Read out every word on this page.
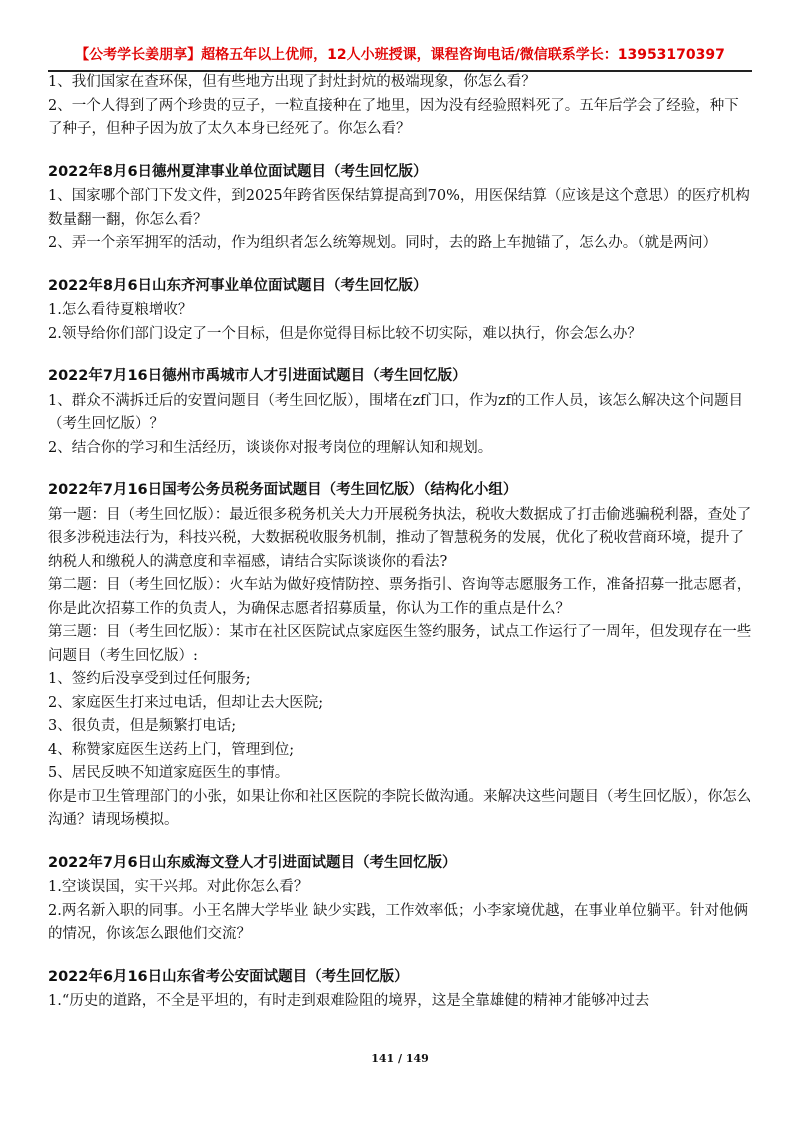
【公考学长姜朋享】超格五年以上优师，12人小班授课，课程咨询电话/微信联系学长：13953170397

1、我们国家在查环保，但有些地方出现了封灶封炕的极端现象，你怎么看？

2、一个人得到了两个珍贵的豆子，一粒直接种在了地里，因为没有经验照料死了。五年后学会了经验，种下了种子，但种子因为放了太久本身已经死了。你怎么看？

2022年8月6日德州夏津事业单位面试题目（考生回忆版）

1、国家哪个部门下发文件，到2025年跨省医保结算提高到70%，用医保结算（应该是这个意思）的医疗机构数量翻一翻，你怎么看？

2、弄一个亲军拥军的活动，作为组织者怎么统筹规划。同时，去的路上车抛锚了，怎么办。（就是两问）

2022年8月6日山东齐河事业单位面试题目（考生回忆版）

1.怎么看待夏粮增收？

2.领导给你们部门设定了一个目标，但是你觉得目标比较不切实际，难以执行，你会怎么办？

2022年7月16日德州市禹城市人才引进面试题目（考生回忆版）

1、群众不满拆迁后的安置问题目（考生回忆版），围堵在zf门口，作为zf的工作人员，该怎么解决这个问题目（考生回忆版）？

2、结合你的学习和生活经历，谈谈你对报考岗位的理解认知和规划。

2022年7月16日国考公务员税务面试题目（考生回忆版）（结构化小组）

第一题：目（考生回忆版）：最近很多税务机关大力开展税务执法，税收大数据成了打击偷逃骗税利器，查处了很多涉税违法行为，科技兴税，大数据税收服务机制，推动了智慧税务的发展，优化了税收营商环境，提升了纳税人和缴税人的满意度和幸福感，请结合实际谈谈你的看法?

第二题：目（考生回忆版）：火车站为做好疫情防控、票务指引、咨询等志愿服务工作，准备招募一批志愿者，你是此次招募工作的负责人，为确保志愿者招募质量，你认为工作的重点是什么？

第三题：目（考生回忆版）：某市在社区医院试点家庭医生签约服务，试点工作运行了一周年，但发现存在一些问题目（考生回忆版）:

1、签约后没享受到过任何服务;

2、家庭医生打来过电话，但却让去大医院;

3、很负责，但是频繁打电话;

4、称赞家庭医生送药上门，管理到位;

5、居民反映不知道家庭医生的事情。

你是市卫生管理部门的小张，如果让你和社区医院的李院长做沟通。来解决这些问题目（考生回忆版），你怎么沟通？请现场模拟。

2022年7月6日山东威海文登人才引进面试题目（考生回忆版）

1.空谈误国，实干兴邦。对此你怎么看？

2.两名新入职的同事。小王名牌大学毕业 缺少实践，工作效率低；小李家境优越，在事业单位躺平。针对他俩的情况，你该怎么跟他们交流？

2022年6月16日山东省考公安面试题目（考生回忆版）

1.“历史的道路，不全是平坦的，有时走到艰难险阻的境界，这是全靠雄健的精神才能够冲过去

141 / 149
